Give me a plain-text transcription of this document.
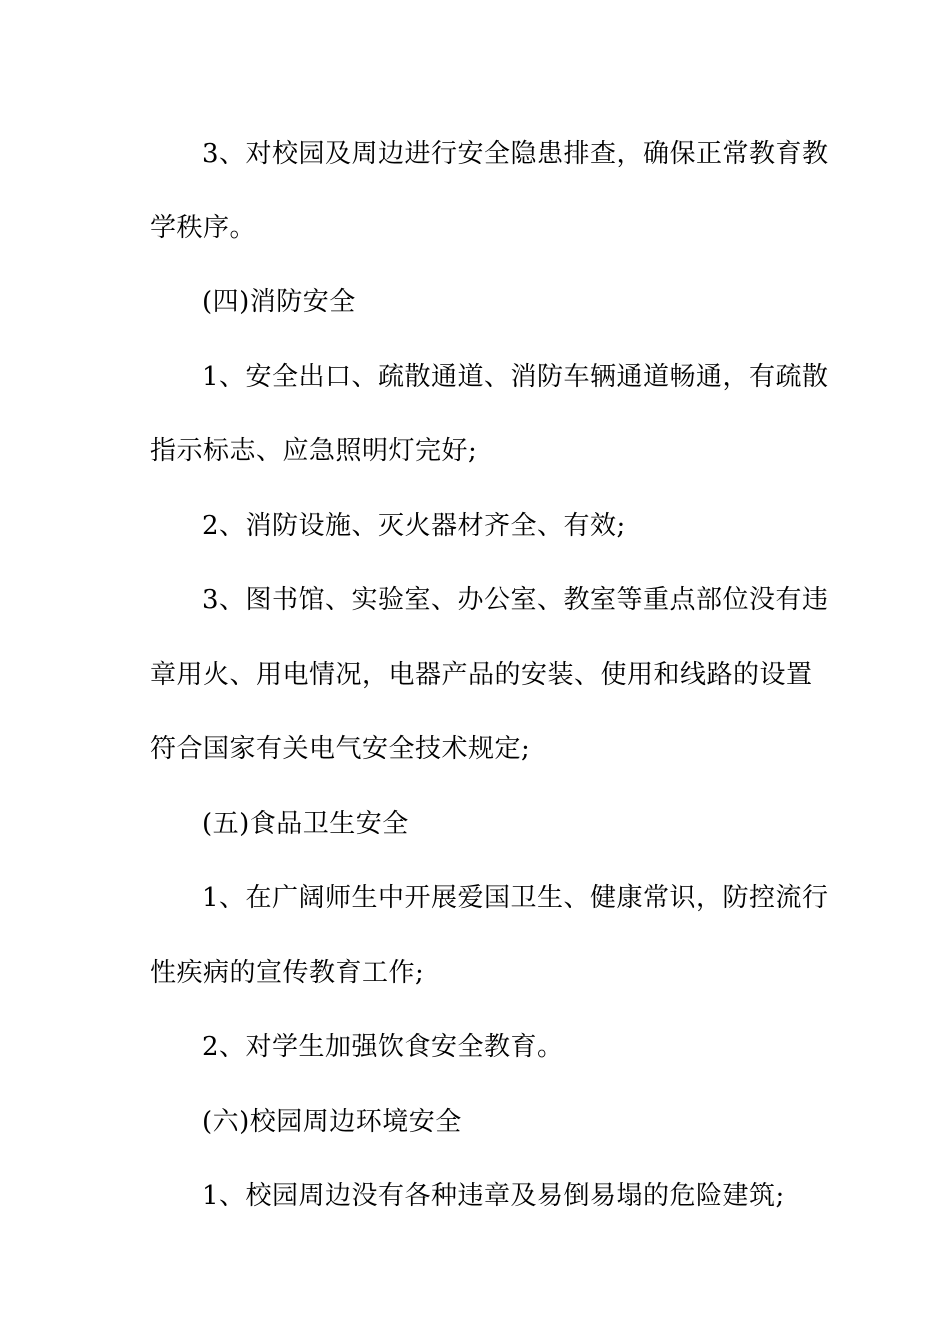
3、对校园及周边进行安全隐患排查，确保正常教育教
学秩序。
(四)消防安全
1、安全出口、疏散通道、消防车辆通道畅通，有疏散
指示标志、应急照明灯完好;
2、消防设施、灭火器材齐全、有效;
3、图书馆、实验室、办公室、教室等重点部位没有违
章用火、用电情况，电器产品的安装、使用和线路的设置
符合国家有关电气安全技术规定;
(五)食品卫生安全
1、在广阔师生中开展爱国卫生、健康常识，防控流行
性疾病的宣传教育工作;
2、对学生加强饮食安全教育。
(六)校园周边环境安全
1、校园周边没有各种违章及易倒易塌的危险建筑;
